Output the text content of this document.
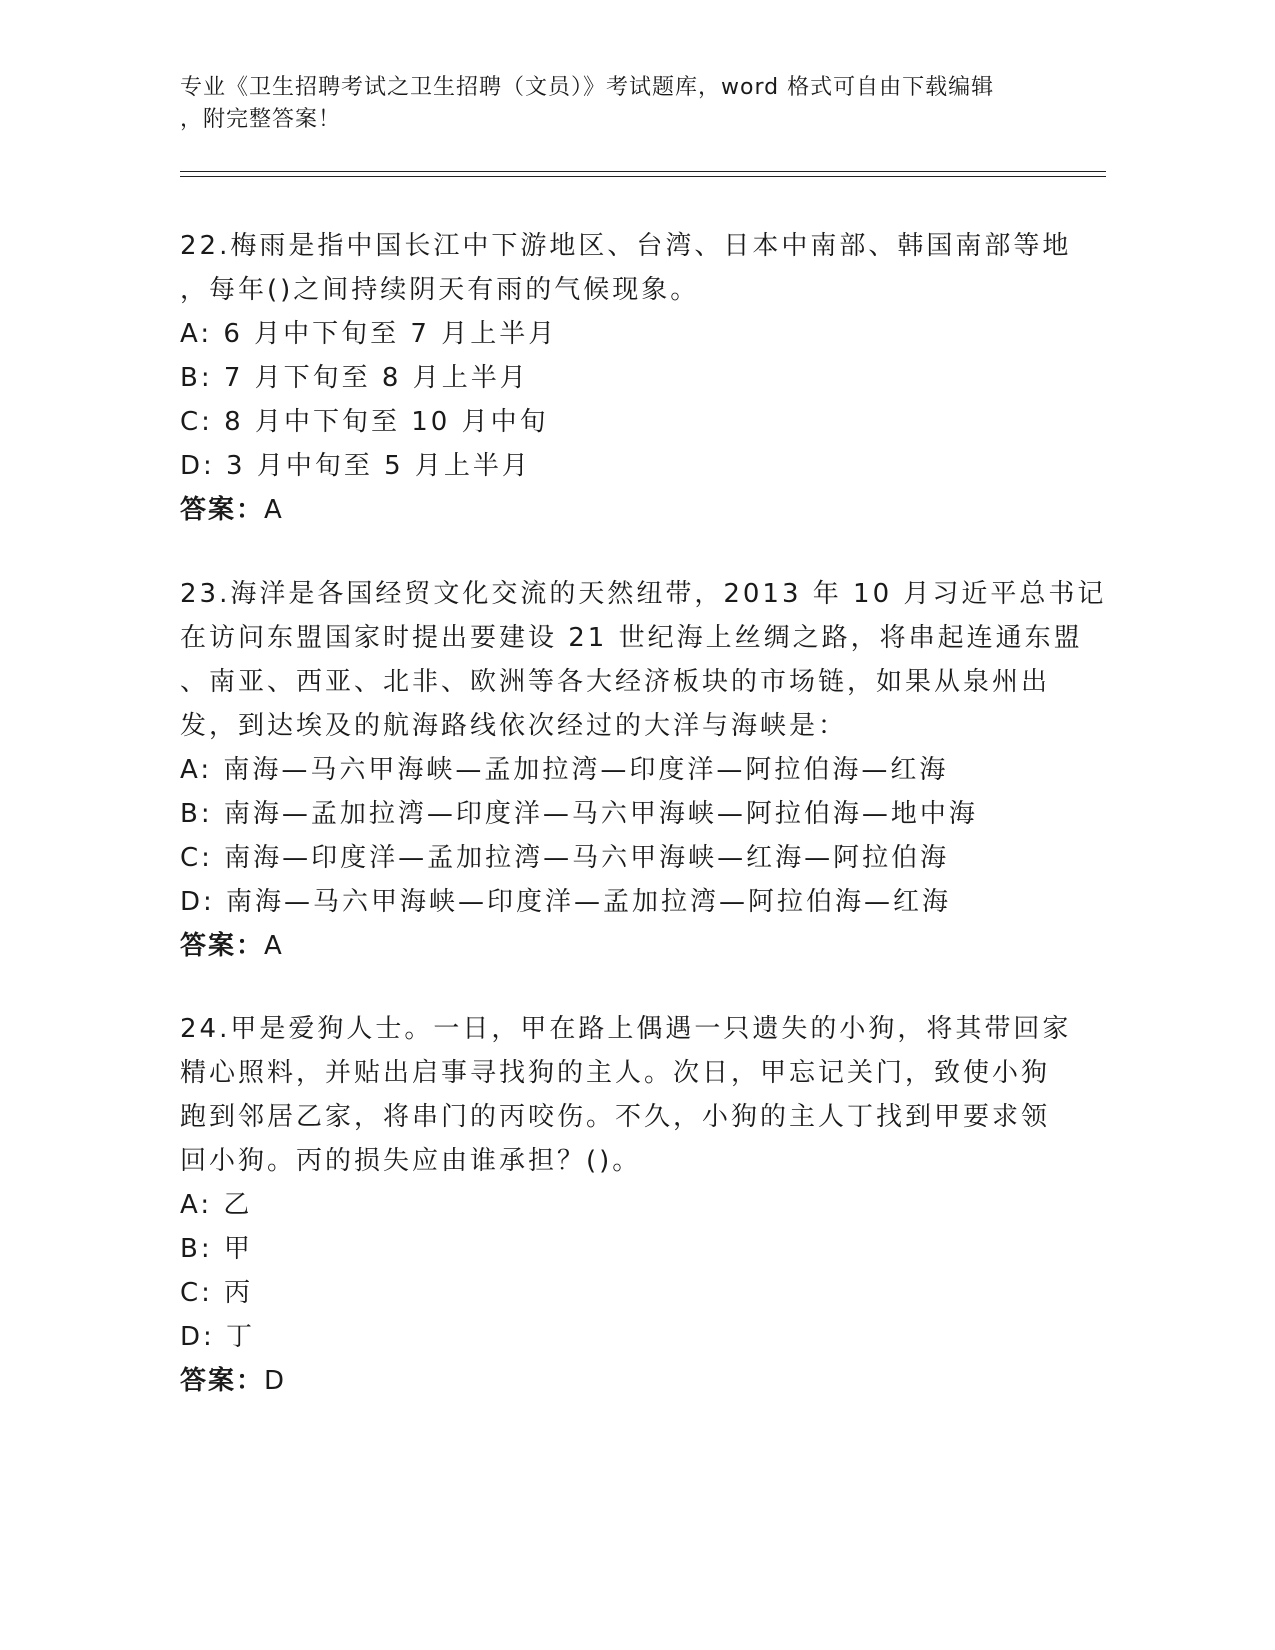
专业《卫生招聘考试之卫生招聘（文员）》考试题库，word 格式可自由下载编辑
，附完整答案！
22.梅雨是指中国长江中下游地区、台湾、日本中南部、韩国南部等地
，每年()之间持续阴天有雨的气候现象。
A: 6 月中下旬至 7 月上半月
B: 7 月下旬至 8 月上半月
C: 8 月中下旬至 10 月中旬
D: 3 月中旬至 5 月上半月
答案：A
23.海洋是各国经贸文化交流的天然纽带，2013 年 10 月习近平总书记
在访问东盟国家时提出要建设 21 世纪海上丝绸之路，将串起连通东盟
、南亚、西亚、北非、欧洲等各大经济板块的市场链，如果从泉州出
发，到达埃及的航海路线依次经过的大洋与海峡是：
A: 南海—马六甲海峡—孟加拉湾—印度洋—阿拉伯海—红海
B: 南海—孟加拉湾—印度洋—马六甲海峡—阿拉伯海—地中海
C: 南海—印度洋—孟加拉湾—马六甲海峡—红海—阿拉伯海
D: 南海—马六甲海峡—印度洋—孟加拉湾—阿拉伯海—红海
答案：A
24.甲是爱狗人士。一日，甲在路上偶遇一只遗失的小狗，将其带回家
精心照料，并贴出启事寻找狗的主人。次日，甲忘记关门，致使小狗
跑到邻居乙家，将串门的丙咬伤。不久，小狗的主人丁找到甲要求领
回小狗。丙的损失应由谁承担？()。
A: 乙
B: 甲
C: 丙
D: 丁
答案：D
